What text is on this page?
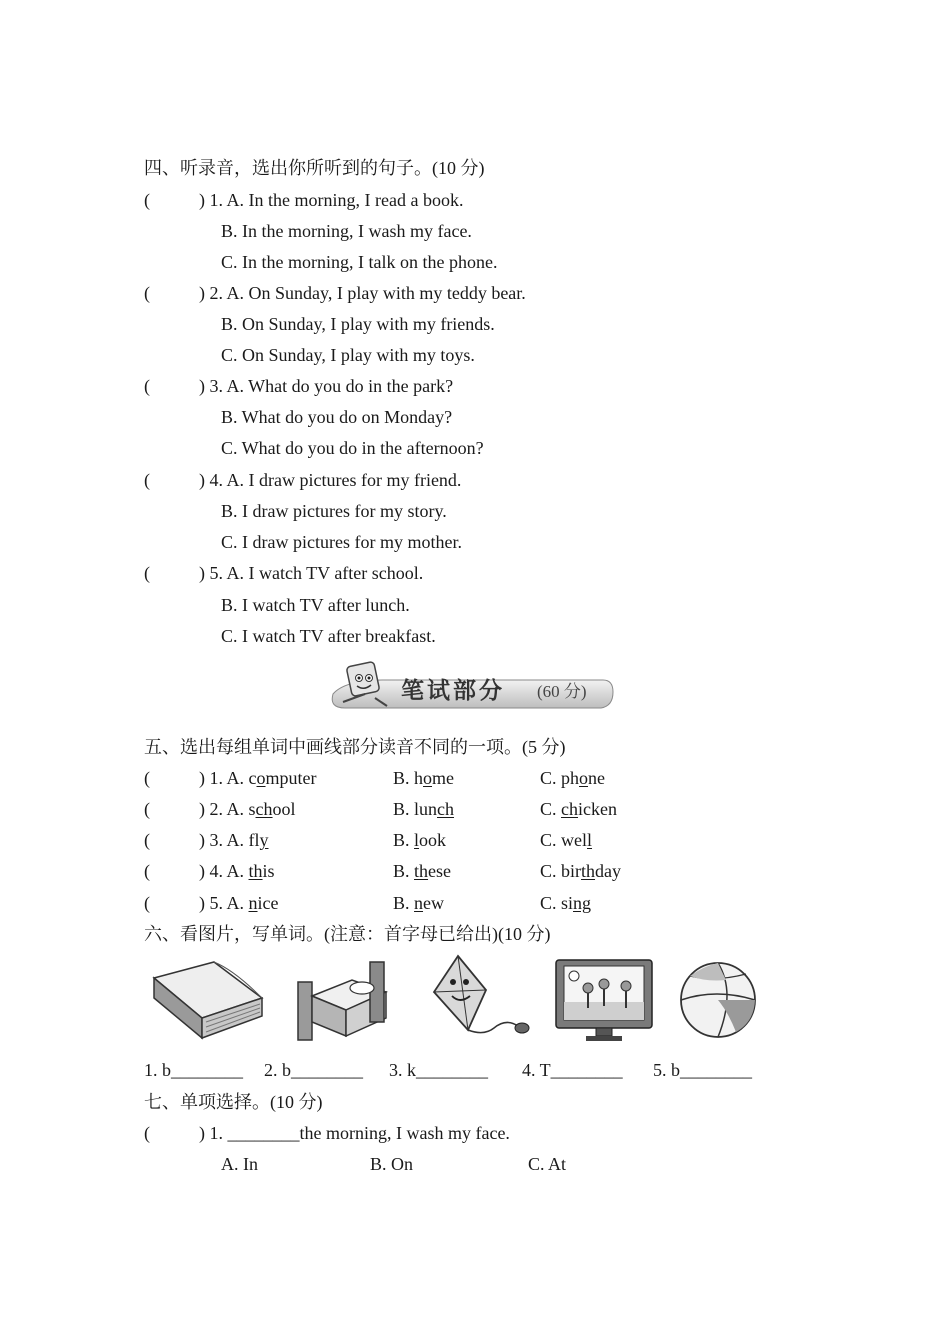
四、听录音，选出你所听到的句子。(10 分)
(	) 1. A. In the morning, I read a book.
B. In the morning, I wash my face.
C. In the morning, I talk on the phone.
(	) 2. A. On Sunday, I play with my teddy bear.
B. On Sunday, I play with my friends.
C. On Sunday, I play with my toys.
(	) 3. A. What do you do in the park?
B. What do you do on Monday?
C. What do you do in the afternoon?
(	) 4. A. I draw pictures for my friend.
B. I draw pictures for my story.
C. I draw pictures for my mother.
(	) 5. A. I watch TV after school.
B. I watch TV after lunch.
C. I watch TV after breakfast.
笔试部分 (60 分)
五、选出每组单词中画线部分读音不同的一项。(5 分)
(	) 1. A. computer	B. home	C. phone
(	) 2. A. school	B. lunch	C. chicken
(	) 3. A. fly	B. look	C. well
(	) 4. A. this	B. these	C. birthday
(	) 5. A. nice	B. new	C. sing
六、看图片，写单词。(注意：首字母已给出)(10 分)
1. b________ 2. b________ 3. k________ 4. T________ 5. b________
七、单项选择。(10 分)
(	) 1. ________the morning, I wash my face.
A. In	B. On	C. At
